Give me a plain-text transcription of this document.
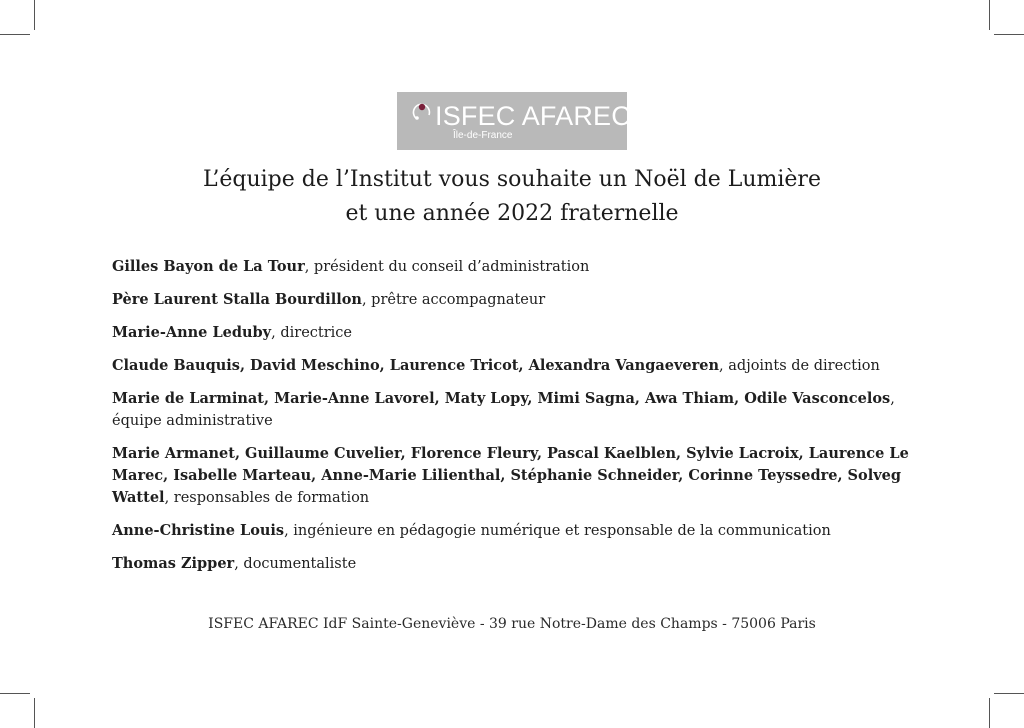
ISFEC AFAREC
Île-de-France
L’équipe de l’Institut vous souhaite un Noël de Lumière
et une année 2022 fraternelle
Gilles Bayon de La Tour, président du conseil d’administration
Père Laurent Stalla Bourdillon, prêtre accompagnateur
Marie-Anne Leduby, directrice
Claude Bauquis, David Meschino, Laurence Tricot, Alexandra Vangaeveren, adjoints de direction
Marie de Larminat, Marie-Anne Lavorel, Maty Lopy, Mimi Sagna, Awa Thiam, Odile Vasconcelos, équipe administrative
Marie Armanet, Guillaume Cuvelier, Florence Fleury, Pascal Kaelblen, Sylvie Lacroix, Laurence Le Marec, Isabelle Marteau, Anne-Marie Lilienthal, Stéphanie Schneider, Corinne Teyssedre, Solveg Wattel, responsables de formation
Anne-Christine Louis, ingénieure en pédagogie numérique et responsable de la communication
Thomas Zipper, documentaliste
ISFEC AFAREC IdF Sainte-Geneviève - 39 rue Notre-Dame des Champs - 75006 Paris
